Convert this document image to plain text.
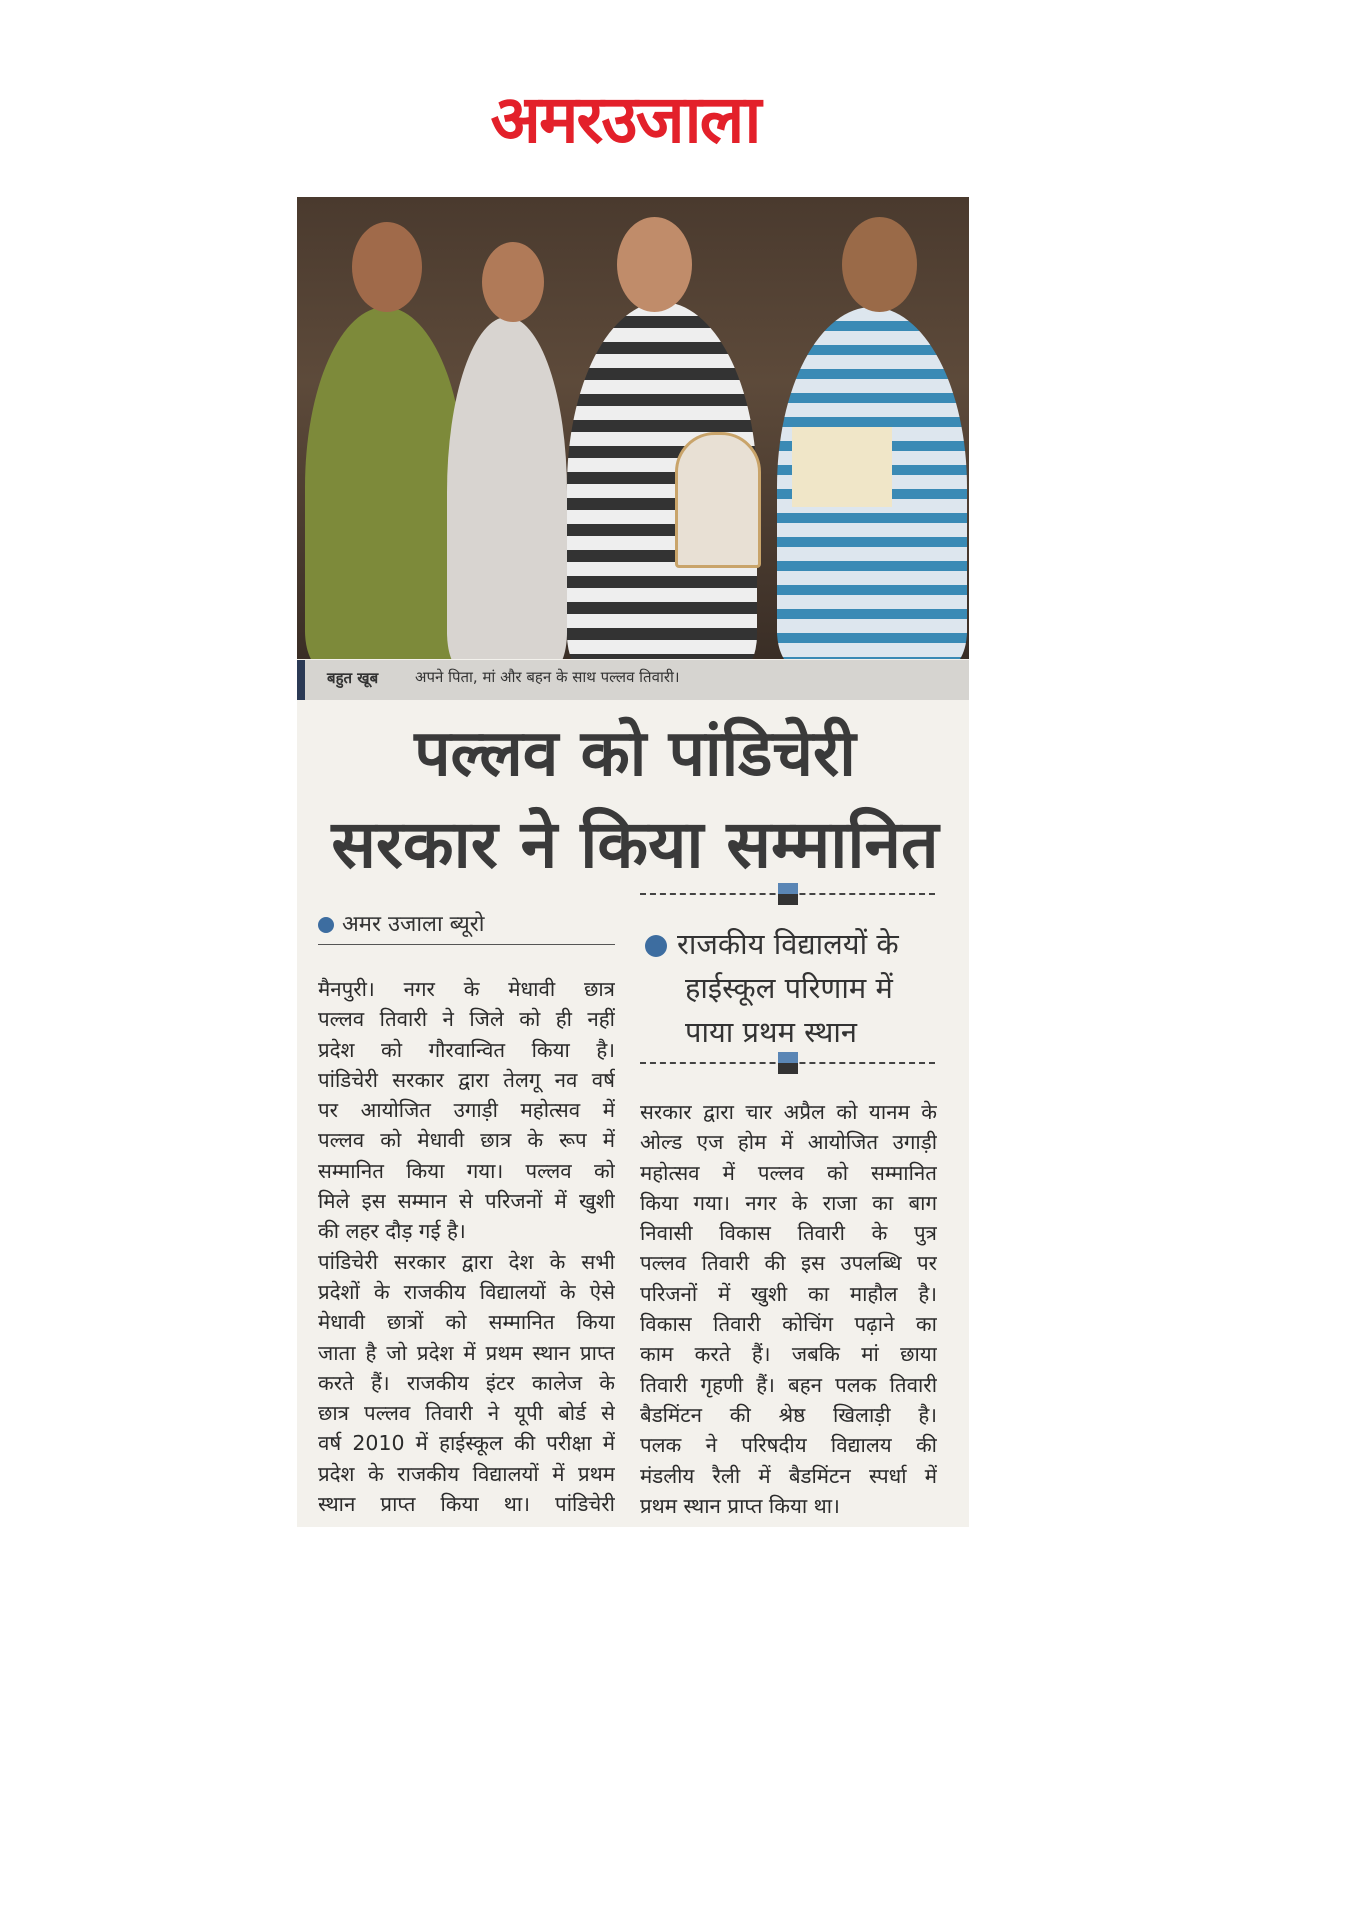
अमरउजाला
बहुत खूब अपने पिता, मां और बहन के साथ पल्लव तिवारी।
पल्लव को पांडिचेरी
सरकार ने किया सम्मानित
अमर उजाला ब्यूरो
राजकीय विद्यालयों के
हाईस्कूल परिणाम में
पाया प्रथम स्थान
मैनपुरी। नगर के मेधावी छात्र
पल्लव तिवारी ने जिले को ही नहीं
प्रदेश को गौरवान्वित किया है।
पांडिचेरी सरकार द्वारा तेलगू नव वर्ष
पर आयोजित उगाड़ी महोत्सव में
पल्लव को मेधावी छात्र के रूप में
सम्मानित किया गया। पल्लव को
मिले इस सम्मान से परिजनों में खुशी
की लहर दौड़ गई है।
पांडिचेरी सरकार द्वारा देश के सभी
प्रदेशों के राजकीय विद्यालयों के ऐसे
मेधावी छात्रों को सम्मानित किया
जाता है जो प्रदेश में प्रथम स्थान प्राप्त
करते हैं। राजकीय इंटर कालेज के
छात्र पल्लव तिवारी ने यूपी बोर्ड से
वर्ष 2010 में हाईस्कूल की परीक्षा में
प्रदेश के राजकीय विद्यालयों में प्रथम
स्थान प्राप्त किया था। पांडिचेरी
सरकार द्वारा चार अप्रैल को यानम के
ओल्ड एज होम में आयोजित उगाड़ी
महोत्सव में पल्लव को सम्मानित
किया गया। नगर के राजा का बाग
निवासी विकास तिवारी के पुत्र
पल्लव तिवारी की इस उपलब्धि पर
परिजनों में खुशी का माहौल है।
विकास तिवारी कोचिंग पढ़ाने का
काम करते हैं। जबकि मां छाया
तिवारी गृहणी हैं। बहन पलक तिवारी
बैडमिंटन की श्रेष्ठ खिलाड़ी है।
पलक ने परिषदीय विद्यालय की
मंडलीय रैली में बैडमिंटन स्पर्धा में
प्रथम स्थान प्राप्त किया था।
